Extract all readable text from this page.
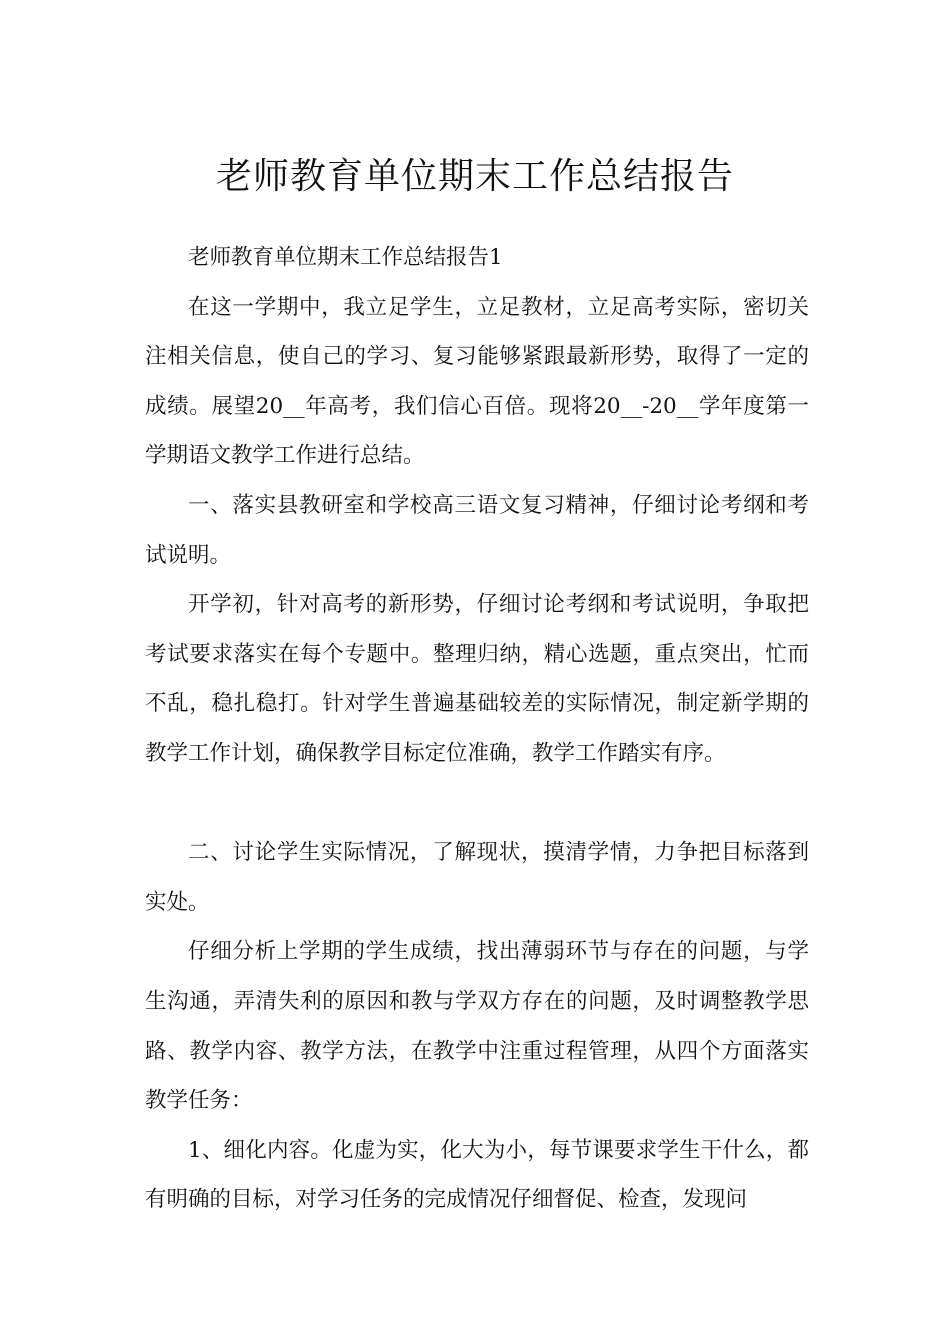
老师教育单位期末工作总结报告

老师教育单位期末工作总结报告1

在这一学期中，我立足学生，立足教材，立足高考实际，密切关注相关信息，使自己的学习、复习能够紧跟最新形势，取得了一定的成绩。展望20__年高考，我们信心百倍。现将20__-20__学年度第一学期语文教学工作进行总结。

一、落实县教研室和学校高三语文复习精神，仔细讨论考纲和考试说明。

开学初，针对高考的新形势，仔细讨论考纲和考试说明，争取把考试要求落实在每个专题中。整理归纳，精心选题，重点突出，忙而不乱，稳扎稳打。针对学生普遍基础较差的实际情况，制定新学期的教学工作计划，确保教学目标定位准确，教学工作踏实有序。

二、讨论学生实际情况，了解现状，摸清学情，力争把目标落到实处。

仔细分析上学期的学生成绩，找出薄弱环节与存在的问题，与学生沟通，弄清失利的原因和教与学双方存在的问题，及时调整教学思路、教学内容、教学方法，在教学中注重过程管理，从四个方面落实教学任务：

1、细化内容。化虚为实，化大为小，每节课要求学生干什么，都有明确的目标，对学习任务的完成情况仔细督促、检查，发现问
